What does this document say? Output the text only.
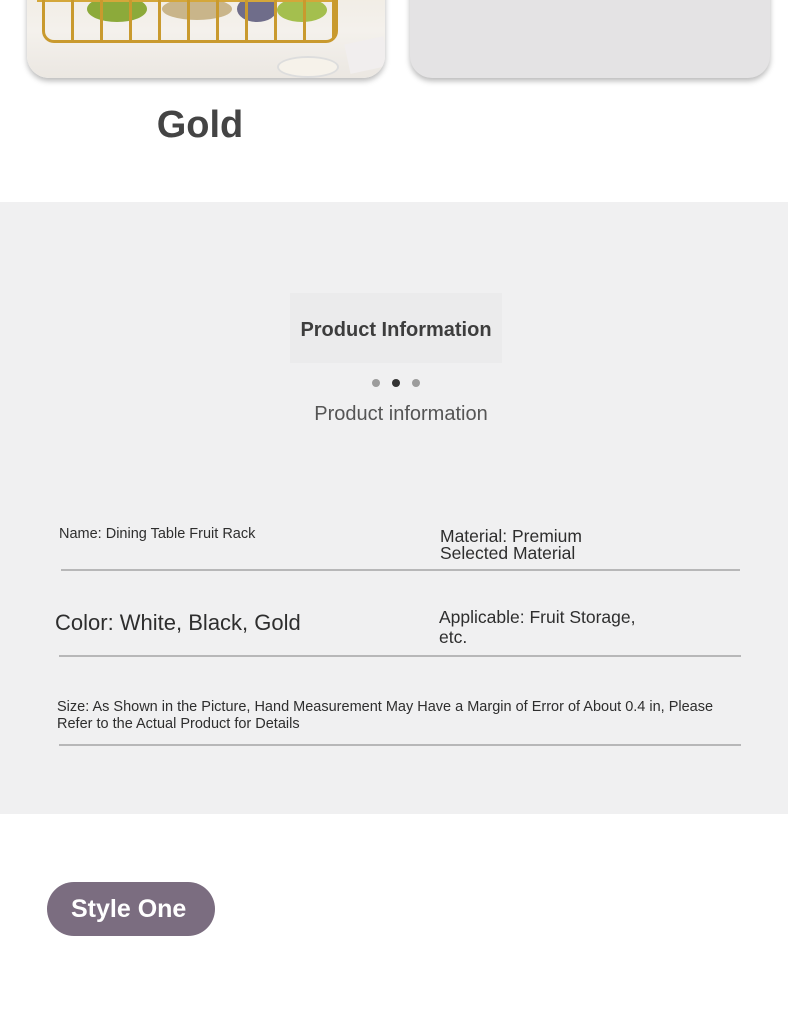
Gold
Product Information
Product information
Name: Dining Table Fruit Rack	Material: Premium Selected Material
Color: White, Black, Gold	Applicable: Fruit Storage, etc.
Size: As Shown in the Picture, Hand Measurement May Have a Margin of Error of About 0.4 in, Please Refer to the Actual Product for Details
Style One
